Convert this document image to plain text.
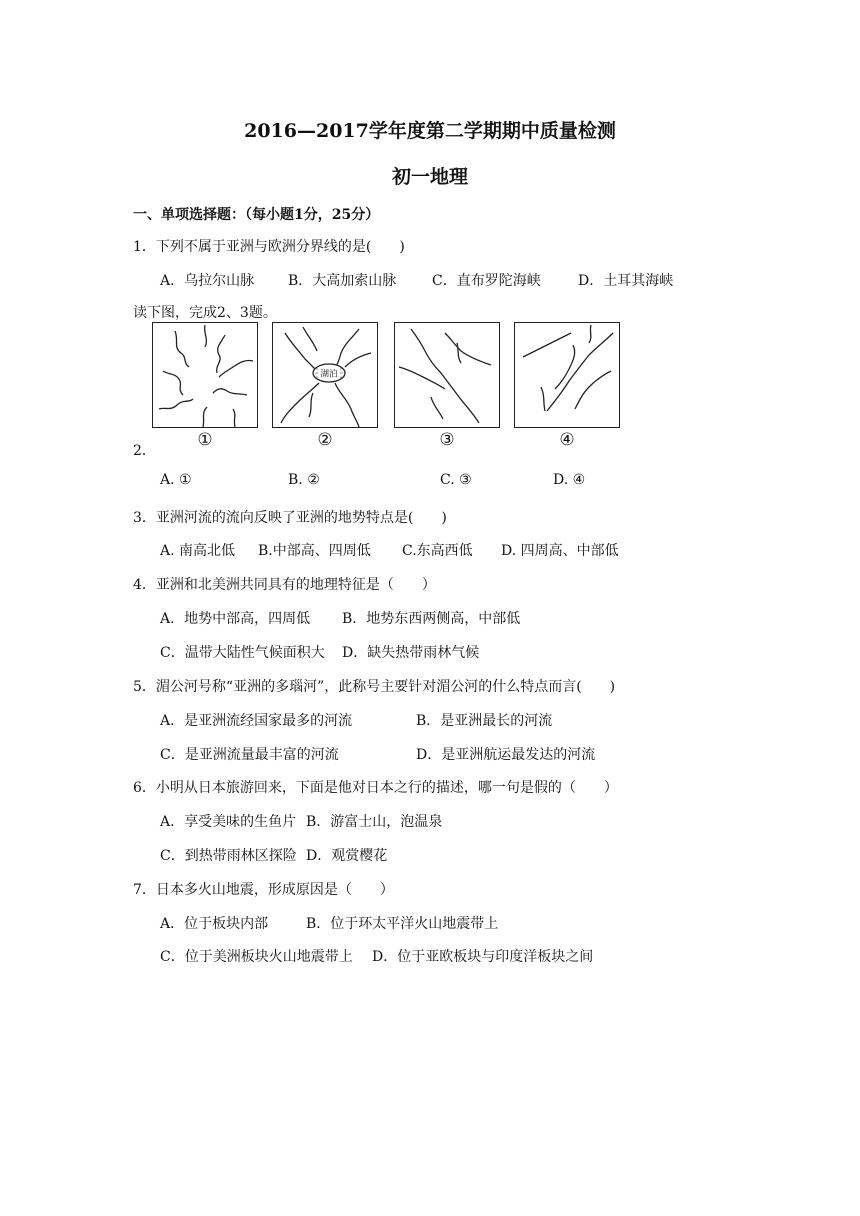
2016—2017学年度第二学期期中质量检测
初一地理
一、单项选择题：（每小题1分，25分）
1．下列不属于亚洲与欧洲分界线的是(　　)
A．乌拉尔山脉 B．大高加索山脉	C．直布罗陀海峡	D．土耳其海峡
读下图，完成2、3题。
湖泊
①	②	③	④
2．
A. ①	B. ②	C. ③	D. ④
3．亚洲河流的流向反映了亚洲的地势特点是(　　)
A. 南高北低 B.中部高、四周低 C.东高西低 D. 四周高、中部低
4．亚洲和北美洲共同具有的地理特征是（　　）
A．地势中部高，四周低 B．地势东西两侧高，中部低
C．温带大陆性气候面积大 D．缺失热带雨林气候
5．湄公河号称“亚洲的多瑙河”，此称号主要针对湄公河的什么特点而言(　　)
A．是亚洲流经国家最多的河流	B．是亚洲最长的河流
C．是亚洲流量最丰富的河流	D．是亚洲航运最发达的河流
6．小明从日本旅游回来，下面是他对日本之行的描述，哪一句是假的（　　）
A．享受美味的生鱼片 B．游富士山，泡温泉
C．到热带雨林区探险 D．观赏樱花
7．日本多火山地震，形成原因是（　　）
A．位于板块内部	B．位于环太平洋火山地震带上
C．位于美洲板块火山地震带上 D．位于亚欧板块与印度洋板块之间
